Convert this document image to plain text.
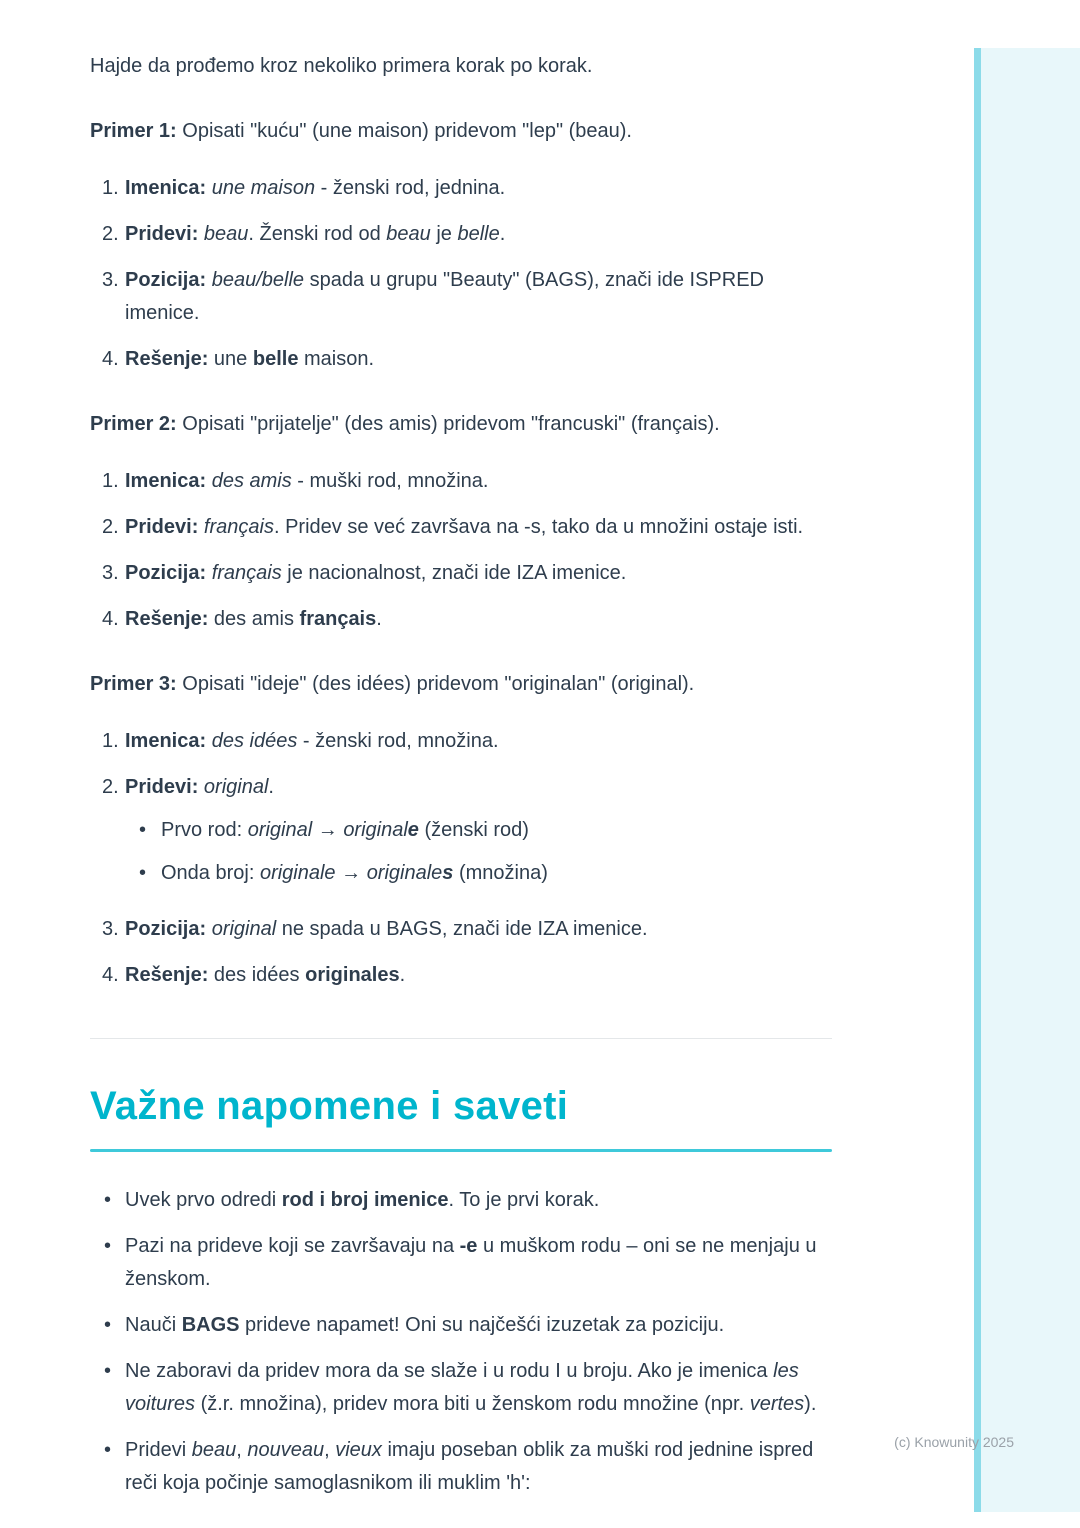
Hajde da prođemo kroz nekoliko primera korak po korak.

Primer 1: Opisati "kuću" (une maison) pridevom "lep" (beau).

1. Imenica: une maison - ženski rod, jednina.
2. Pridevi: beau. Ženski rod od beau je belle.
3. Pozicija: beau/belle spada u grupu "Beauty" (BAGS), znači ide ISPRED imenice.
4. Rešenje: une belle maison.

Primer 2: Opisati "prijatelje" (des amis) pridevom "francuski" (français).

1. Imenica: des amis - muški rod, množina.
2. Pridevi: français. Pridev se već završava na -s, tako da u množini ostaje isti.
3. Pozicija: français je nacionalnost, znači ide IZA imenice.
4. Rešenje: des amis français.

Primer 3: Opisati "ideje" (des idées) pridevom "originalan" (original).

1. Imenica: des idées - ženski rod, množina.
2. Pridevi: original.
• Prvo rod: original → originale (ženski rod)
• Onda broj: originale → originales (množina)
3. Pozicija: original ne spada u BAGS, znači ide IZA imenice.
4. Rešenje: des idées originales.
Važne napomene i saveti
• Uvek prvo odredi rod i broj imenice. To je prvi korak.
• Pazi na prideve koji se završavaju na -e u muškom rodu – oni se ne menjaju u ženskom.
• Nauči BAGS prideve napamet! Oni su najčešći izuzetak za poziciju.
• Ne zaboravi da pridev mora da se slaže i u rodu I u broju. Ako je imenica les voitures (ž.r. množina), pridev mora biti u ženskom rodu množine (npr. vertes).
• Pridevi beau, nouveau, vieux imaju poseban oblik za muški rod jednine ispred reči koja počinje samoglasnikom ili muklim 'h':
(c) Knowunity 2025
